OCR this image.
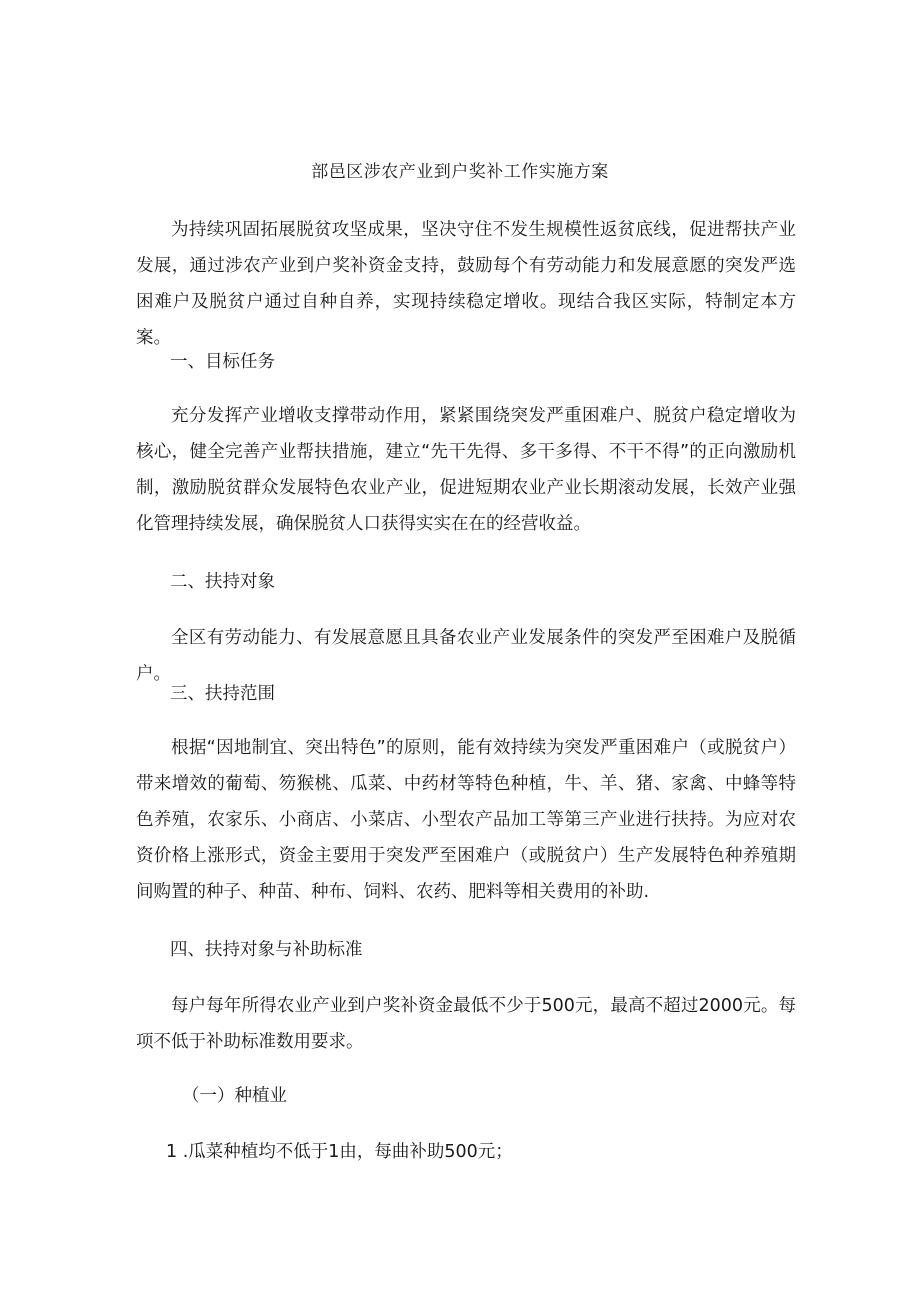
部邑区涉农产业到户奖补工作实施方案

为持续巩固拓展脱贫攻坚成果，坚决守住不发生规模性返贫底线，促进帮扶产业发展，通过涉农产业到户奖补资金支持，鼓励每个有劳动能力和发展意愿的突发严选困难户及脱贫户通过自种自养，实现持续稳定增收。现结合我区实际，特制定本方案。

一、目标任务

充分发挥产业增收支撑带动作用，紧紧围绕突发严重困难户、脱贫户稳定增收为核心，健全完善产业帮扶措施，建立“先干先得、多干多得、不干不得”的正向激励机制，激励脱贫群众发展特色农业产业，促进短期农业产业长期滚动发展，长效产业强化管理持续发展，确保脱贫人口获得实实在在的经营收益。

二、扶持对象

全区有劳动能力、有发展意愿且具备农业产业发展条件的突发严至困难户及脱循户。

三、扶持范围

根据“因地制宜、突出特色”的原则，能有效持续为突发严重困难户（或脱贫户）带来增效的葡萄、笏猴桃、瓜菜、中药材等特色种植，牛、羊、猪、家禽、中蜂等特色养殖，农家乐、小商店、小菜店、小型农产品加工等第三产业进行扶持。为应对农资价格上涨形式，资金主要用于突发严至困难户（或脱贫户）生产发展特色种养殖期间购置的种子、种苗、种布、饲料、农药、肥料等相关费用的补助.

四、扶持对象与补助标准

每户每年所得农业产业到户奖补资金最低不少于500元，最高不超过2000元。每项不低于补助标准数用要求。

（一）种植业

1 .瓜菜种植均不低于1由，每曲补助500元；
